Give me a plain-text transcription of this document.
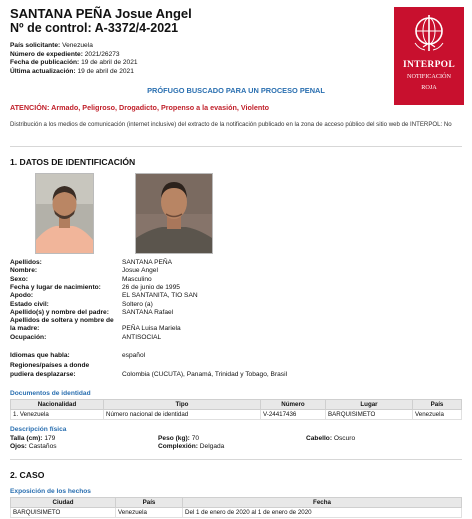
SANTANA PEÑA Josue Angel
Nº de control: A-3372/4-2021
País solicitante: Venezuela
Número de expediente: 2021/26273
Fecha de publicación: 19 de abril de 2021
Última actualización: 19 de abril de 2021
INTERPOL
NOTIFICACIÓN
ROJA
PRÓFUGO BUSCADO PARA UN PROCESO PENAL
ATENCIÓN: Armado, Peligroso, Drogadicto, Propenso a la evasión, Violento
Distribución a los medios de comunicación (internet inclusive) del extracto de la notificación publicado en la zona de acceso público del sitio web de INTERPOL: No
1. DATOS DE IDENTIFICACIÓN
Apellidos:	SANTANA PEÑA
Nombre:	Josue Angel
Sexo:	Masculino
Fecha y lugar de nacimiento:	26 de junio de 1995
Apodo:	EL SANTANITA, TIO SAN
Estado civil:	Soltero (a)
Apellido(s) y nombre del padre:	SANTANA Rafael
Apellidos de soltera y nombre de
la madre:	PEÑA Luisa Mariela
Ocupación:	ANTISOCIAL
Idiomas que habla:	español
Regiones/países a donde
pudiera desplazarse:	Colombia (CUCUTA), Panamá, Trinidad y Tobago, Brasil
Documentos de identidad
Nacionalidad	Tipo	Número	Lugar	País
1. Venezuela	Número nacional de identidad	V-24417436	BARQUISIMETO	Venezuela
Descripción física
Talla (cm): 179	Peso (kg): 70	Cabello: Oscuro
Ojos: Castaños	Complexión: Delgada
2. CASO
Exposición de los hechos
Ciudad	País	Fecha
BARQUISIMETO	Venezuela	Del 1 de enero de 2020 al 1 de enero de 2020
